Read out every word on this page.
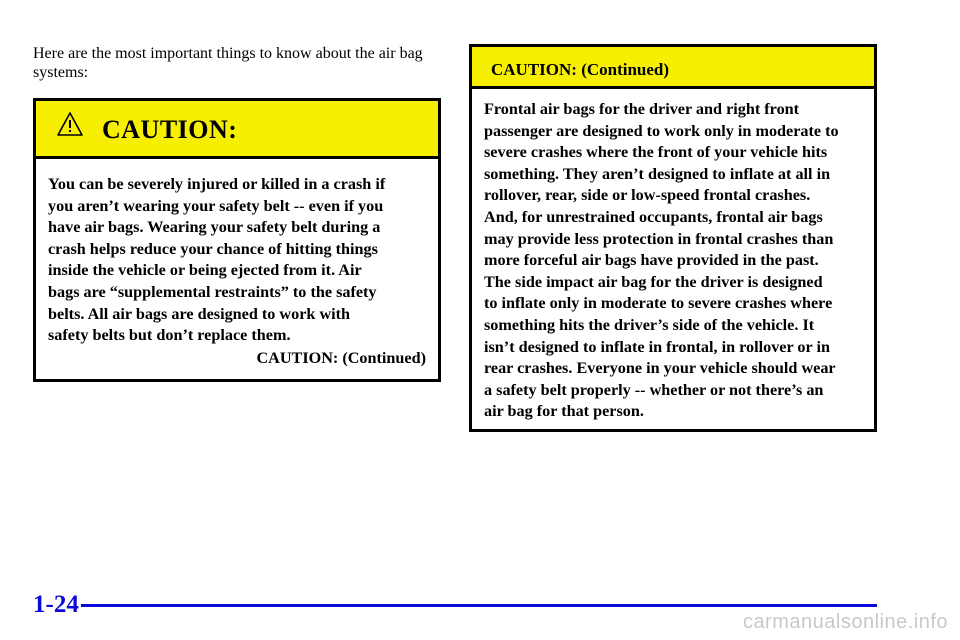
Here are the most important things to know about the air bag systems:
CAUTION:
You can be severely injured or killed in a crash if
you aren’t wearing your safety belt -- even if you
have air bags. Wearing your safety belt during a
crash helps reduce your chance of hitting things
inside the vehicle or being ejected from it. Air
bags are “supplemental restraints” to the safety
belts. All air bags are designed to work with
safety belts but don’t replace them.
CAUTION: (Continued)
CAUTION: (Continued)
Frontal air bags for the driver and right front
passenger are designed to work only in moderate to
severe crashes where the front of your vehicle hits
something. They aren’t designed to inflate at all in
rollover, rear, side or low-speed frontal crashes.
And, for unrestrained occupants, frontal air bags
may provide less protection in frontal crashes than
more forceful air bags have provided in the past.
The side impact air bag for the driver is designed
to inflate only in moderate to severe crashes where
something hits the driver’s side of the vehicle. It
isn’t designed to inflate in frontal, in rollover or in
rear crashes. Everyone in your vehicle should wear
a safety belt properly -- whether or not there’s an
air bag for that person.
1-24
carmanualsonline.info
